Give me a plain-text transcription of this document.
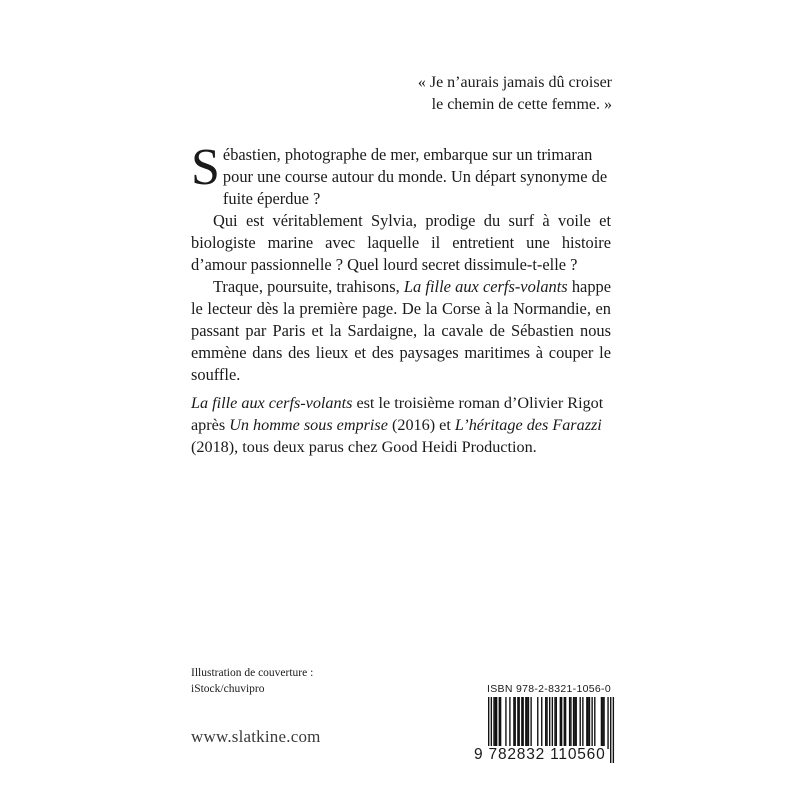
« Je n’aurais jamais dû croiser
le chemin de cette femme. »

Sébastien, photographe de mer, embarque sur un trimaran pour une course autour du monde. Un départ synonyme de fuite éperdue ?

Qui est véritablement Sylvia, prodige du surf à voile et biologiste marine avec laquelle il entretient une histoire d’amour passionnelle ? Quel lourd secret dissimule-t-elle ?

Traque, poursuite, trahisons, La fille aux cerfs-volants happe le lecteur dès la première page. De la Corse à la Normandie, en passant par Paris et la Sardaigne, la cavale de Sébastien nous emmène dans des lieux et des paysages maritimes à couper le souffle.

La fille aux cerfs-volants est le troisième roman d’Olivier Rigot après Un homme sous emprise (2016) et L’héritage des Farazzi (2018), tous deux parus chez Good Heidi Production.

Illustration de couverture :
iStock/chuvipro
www.slatkine.com
ISBN 978-2-8321-1056-0
9 782832 110560
